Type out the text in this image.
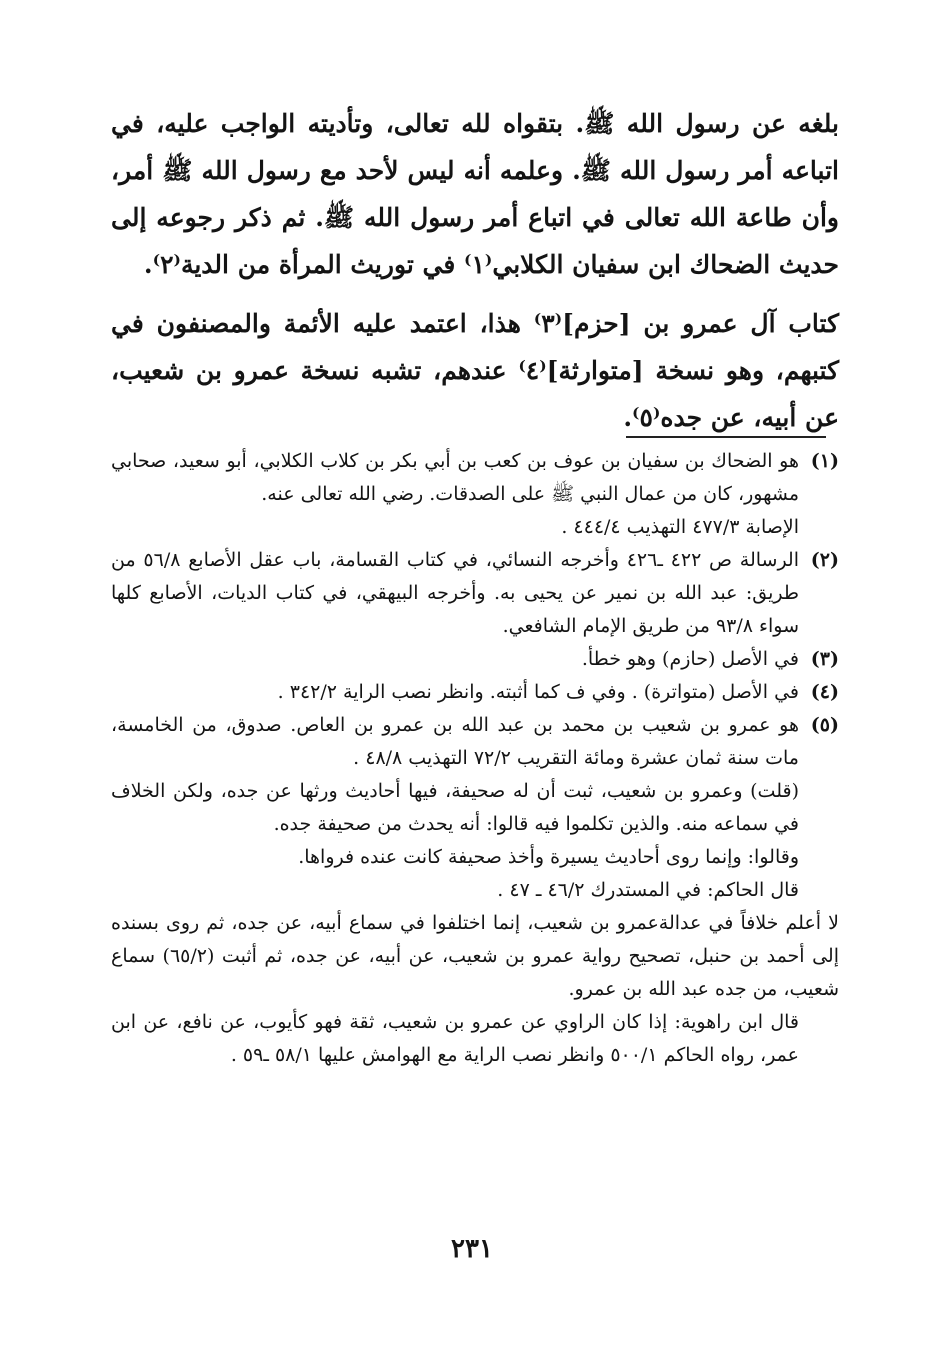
بلغه عن رسول الله ﷺ. بتقواه لله تعالى، وتأديته الواجب عليه، في اتباعه أمر رسول الله ﷺ. وعلمه أنه ليس لأحد مع رسول الله ﷺ أمر، وأن طاعة الله تعالى في اتباع أمر رسول الله ﷺ. ثم ذكر رجوعه إلى حديث الضحاك ابن سفيان الكلابي⁽١⁾ في توريث المرأة من الدية⁽٢⁾.

كتاب آل عمرو بن [حزم]⁽٣⁾ هذا، اعتمد عليه الأئمة والمصنفون في كتبهم، وهو نسخة [متوارثة]⁽٤⁾ عندهم، تشبه نسخة عمرو بن شعيب، عن أبيه، عن جده⁽٥⁾.

(١)

هو الضحاك بن سفيان بن عوف بن كعب بن أبي بكر بن كلاب الكلابي، أبو سعيد، صحابي مشهور، كان من عمال النبي ﷺ على الصدقات. رضي الله تعالى عنه.

الإصابة ٤٧٧/٣ التهذيب ٤٤٤/٤ .

(٢)

الرسالة ص ٤٢٢ ـ٤٢٦ وأخرجه النسائي، في كتاب القسامة، باب عقل الأصابع ٥٦/٨ من طريق: عبد الله بن نمير عن يحيى به. وأخرجه البيهقي، في كتاب الديات، الأصابع كلها سواء ٩٣/٨ من طريق الإمام الشافعي.

(٣)

في الأصل (حازم) وهو خطأ.

(٤)

في الأصل (متواترة) . وفي ف كما أثبته. وانظر نصب الراية ٣٤٢/٢ .

(٥)

هو عمرو بن شعيب بن محمد بن عبد الله بن عمرو بن العاص. صدوق، من الخامسة، مات سنة ثمان عشرة ومائة التقريب ٧٢/٢ التهذيب ٤٨/٨ .

(قلت) وعمرو بن شعيب، ثبت أن له صحيفة، فيها أحاديث ورثها عن جده، ولكن الخلاف في سماعه منه. والذين تكلموا فيه قالوا: أنه يحدث من صحيفة جده.

وقالوا: وإنما روى أحاديث يسيرة وأخذ صحيفة كانت عنده فرواها.

قال الحاكم: في المستدرك ٤٦/٢ ـ ٤٧ .

لا أعلم خلافاً في عدالةعمرو بن شعيب، إنما اختلفوا في سماع أبيه، عن جده، ثم روى بسنده إلى أحمد بن حنبل، تصحيح رواية عمرو بن شعيب، عن أبيه، عن جده، ثم أثبت (٦٥/٢) سماع شعيب، من جده عبد الله بن عمرو.

قال ابن راهوية: إذا كان الراوي عن عمرو بن شعيب، ثقة فهو كأيوب، عن نافع، عن ابن عمر، رواه الحاكم ٥٠٠/١ وانظر نصب الراية مع الهوامش عليها ٥٨/١ ـ٥٩ .

٢٣١
